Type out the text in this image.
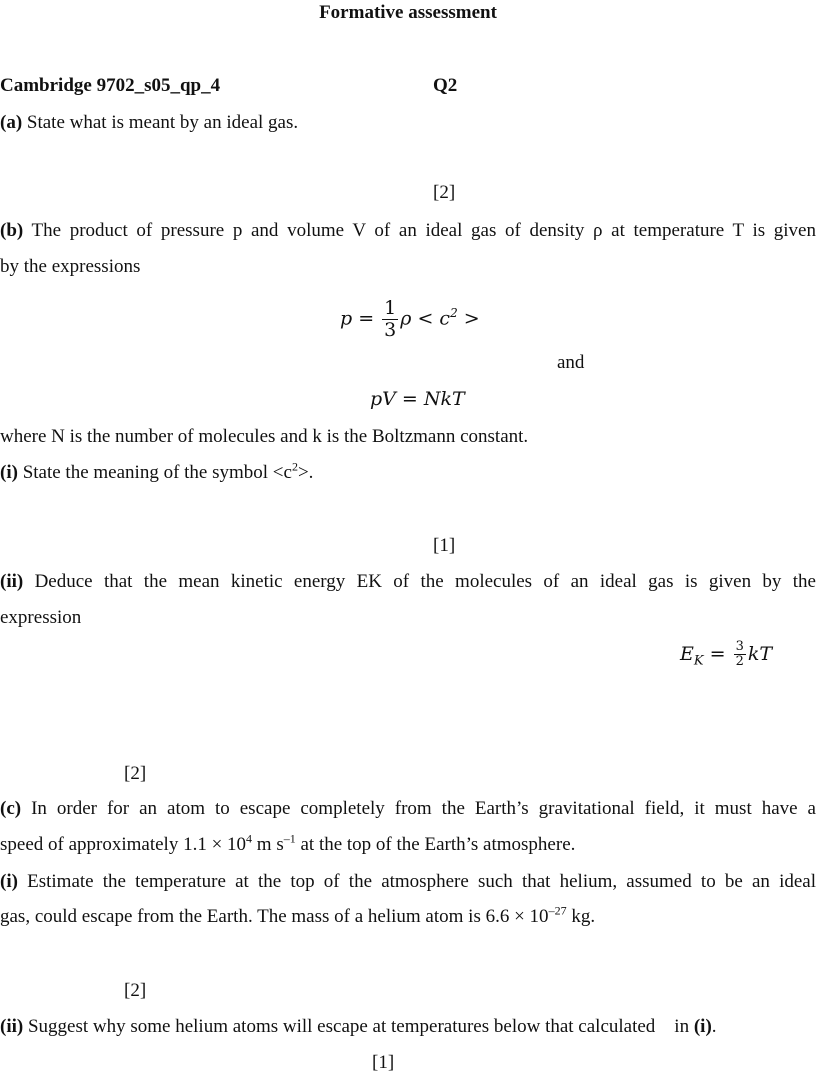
Formative assessment
Cambridge 9702_s05_qp_4	Q2
(a) State what is meant by an ideal gas.
[2]
(b) The product of pressure p and volume V of an ideal gas of density ρ at temperature T is given
by the expressions
$p = \frac{1}{3}$ $\rho < c^2$ >
and
pV = NkT
where N is the number of molecules and k is the Boltzmann constant.
(i) State the meaning of the symbol $<c^2>$.
[1]
(ii) Deduce that the mean kinetic energy EK of the molecules of an ideal gas is given by the
expression
$E_K = \frac{3}{2}$ kT
[2]
(c) In order for an atom to escape completely from the Earth’s gravitational field, it must have a
speed of approximately $1.1 \times 10^4$ m $s^{-1}$ at the top of the Earth’s atmosphere.
(i) Estimate the temperature at the top of the atmosphere such that helium, assumed to be an ideal
gas, could escape from the Earth. The mass of a helium atom is $6.6 \times 10^{-27}$ kg.
[2]
(ii) Suggest why some helium atoms will escape at temperatures below that calculated    in (i).
[1]
